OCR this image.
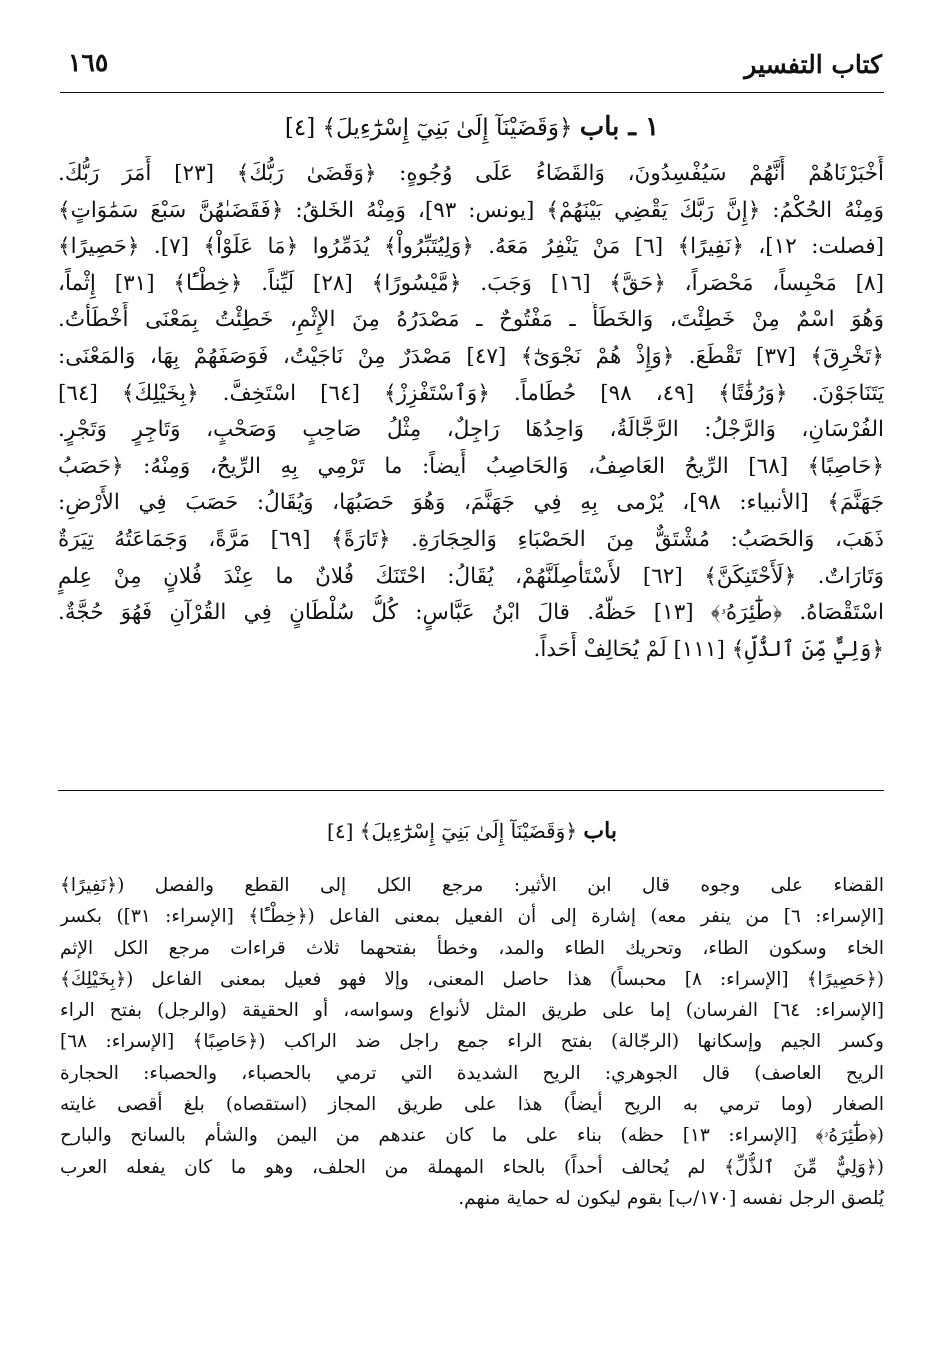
كتاب التفسير
١٦٥
١ ـ باب ﴿وَقَضَيْنَآ إِلَىٰ بَنِيٓ إِسْرَٰٓءِيلَ﴾ [٤]
أَخْبَرْنَاهُمْ أَنَّهُمْ سَيُفْسِدُونَ، وَالقَضَاءُ عَلَى وُجُوهٍ: ﴿وَقَضَىٰ رَبُّكَ﴾ [٢٣] أَمَرَ رَبُّكَ.
وَمِنْهُ الحُكْمُ: ﴿إِنَّ رَبَّكَ يَقْضِي بَيْنَهُمْ﴾ [يونس: ٩٣]، وَمِنْهُ الخَلقُ: ﴿فَقَضَىٰهُنَّ سَبْعَ سَمَٰوَاتٍ﴾
[فصلت: ١٢]، ﴿نَفِيرًا﴾ [٦] مَنْ يَنْفِرُ مَعَهُ. ﴿وَلِيُتَبِّرُواْ﴾ يُدَمِّرُوا ﴿مَا عَلَوْاْ﴾ [٧]. ﴿حَصِيرًا﴾
[٨] مَحْبِساً، مَحْصَراً، ﴿حَقَّ﴾ [١٦] وَجَبَ. ﴿مَّيْسُورًا﴾ [٢٨] لَيِّناً. ﴿خِطْـًٔا﴾ [٣١] إِثْماً،
وَهُوَ اسْمٌ مِنْ خَطِئْتَ، وَالخَطَأُ ـ مَفْتُوحٌ ـ مَصْدَرُهُ مِنَ الإِثْمِ، خَطِئْتُ بِمَعْنَى أَخْطَأْتُ.
﴿تَخْرِقَ﴾ [٣٧] تَقْطَعَ. ﴿وَإِذْ هُمْ نَجْوَىٰٓ﴾ [٤٧] مَصْدَرٌ مِنْ نَاجَيْتُ، فَوَصَفَهُمْ بِهَا، وَالمَعْنَى:
يَتَنَاجَوْنَ. ﴿وَرُفَٰتًا﴾ [٤٩، ٩٨] حُطَاماً. ﴿وَٱسْتَفْزِزْ﴾ [٦٤] اسْتَخِفَّ. ﴿بِخَيْلِكَ﴾ [٦٤]
الفُرْسَانِ، وَالرَّجْلُ: الرَّجَّالَةُ، وَاحِدُهَا رَاجِلٌ، مِثْلُ صَاحِبٍ وَصَحْبٍ، وَتَاجِرٍ وَتَجْرٍ.
﴿حَاصِبًا﴾ [٦٨] الرِّيحُ العَاصِفُ، وَالحَاصِبُ أَيضاً: ما تَرْمِي بِهِ الرِّيحُ، وَمِنْهُ: ﴿حَصَبُ
جَهَنَّمَ﴾ [الأنبياء: ٩٨]، يُرْمى بِهِ فِي جَهَنَّمَ، وَهُوَ حَصَبُهَا، وَيُقَالُ: حَصَبَ فِي الأَرْضِ:
ذَهَبَ، وَالحَصَبُ: مُشْتَقٌّ مِنَ الحَصْبَاءِ وَالحِجَارَةِ. ﴿تَارَةً﴾ [٦٩] مَرَّةً، وَجَمَاعَتُهُ تِيَرَةٌ
وَتَارَاتٌ. ﴿لَأَحْتَنِكَنَّ﴾ [٦٢] لأَسْتَأْصِلَنَّهُمْ، يُقَالُ: احْتَنَكَ فُلانٌ ما عِنْدَ فُلانٍ مِنْ عِلمٍ
اسْتَقْصَاهُ. ﴿طَٰٓئِرَهُۥ﴾ [١٣] حَظَّهُ. قالَ ابْنُ عَبَّاسٍ: كُلُّ سُلْطَانٍ فِي القُرْآنِ فَهُوَ حُجَّةٌ.
﴿وَلِيٌّ مِّنَ ٱلذُّلِّ﴾ [١١١] لَمْ يُحَالِفْ أَحَداً.
باب ﴿وَقَضَيْنَآ إِلَىٰ بَنِيٓ إِسْرَٰٓءِيلَ﴾ [٤]
القضاء على وجوه قال ابن الأثير: مرجع الكل إلى القطع والفصل (﴿نَفِيرًا﴾
[الإسراء: ٦] من ينفر معه) إشارة إلى أن الفعيل بمعنى الفاعل (﴿خِطْـًٔا﴾ [الإسراء: ٣١]) بكسر
الخاء وسكون الطاء، وتحريك الطاء والمد، وخطأ بفتحهما ثلاث قراءات مرجع الكل الإثم
(﴿حَصِيرًا﴾ [الإسراء: ٨] محبساً) هذا حاصل المعنى، وإلا فهو فعيل بمعنى الفاعل (﴿بِخَيْلِكَ﴾
[الإسراء: ٦٤] الفرسان) إما على طريق المثل لأنواع وسواسه، أو الحقيقة (والرجل) بفتح الراء
وكسر الجيم وإسكانها (الرجّالة) بفتح الراء جمع راجل ضد الراكب (﴿حَاصِبًا﴾ [الإسراء: ٦٨]
الريح العاصف) قال الجوهري: الريح الشديدة التي ترمي بالحصباء، والحصباء: الحجارة
الصغار (وما ترمي به الريح أيضاً) هذا على طريق المجاز (استقصاه) بلغ أقصى غايته
(﴿طَٰٓئِرَهُۥ﴾ [الإسراء: ١٣] حظه) بناء على ما كان عندهم من اليمن والشأم بالسانح والبارح
(﴿وَلِيٌّ مِّنَ ٱلذُّلِّ﴾ لم يُحالف أحداً) بالحاء المهملة من الحلف، وهو ما كان يفعله العرب
يُلصق الرجل نفسه [١٧٠/ب] بقوم ليكون له حماية منهم.
